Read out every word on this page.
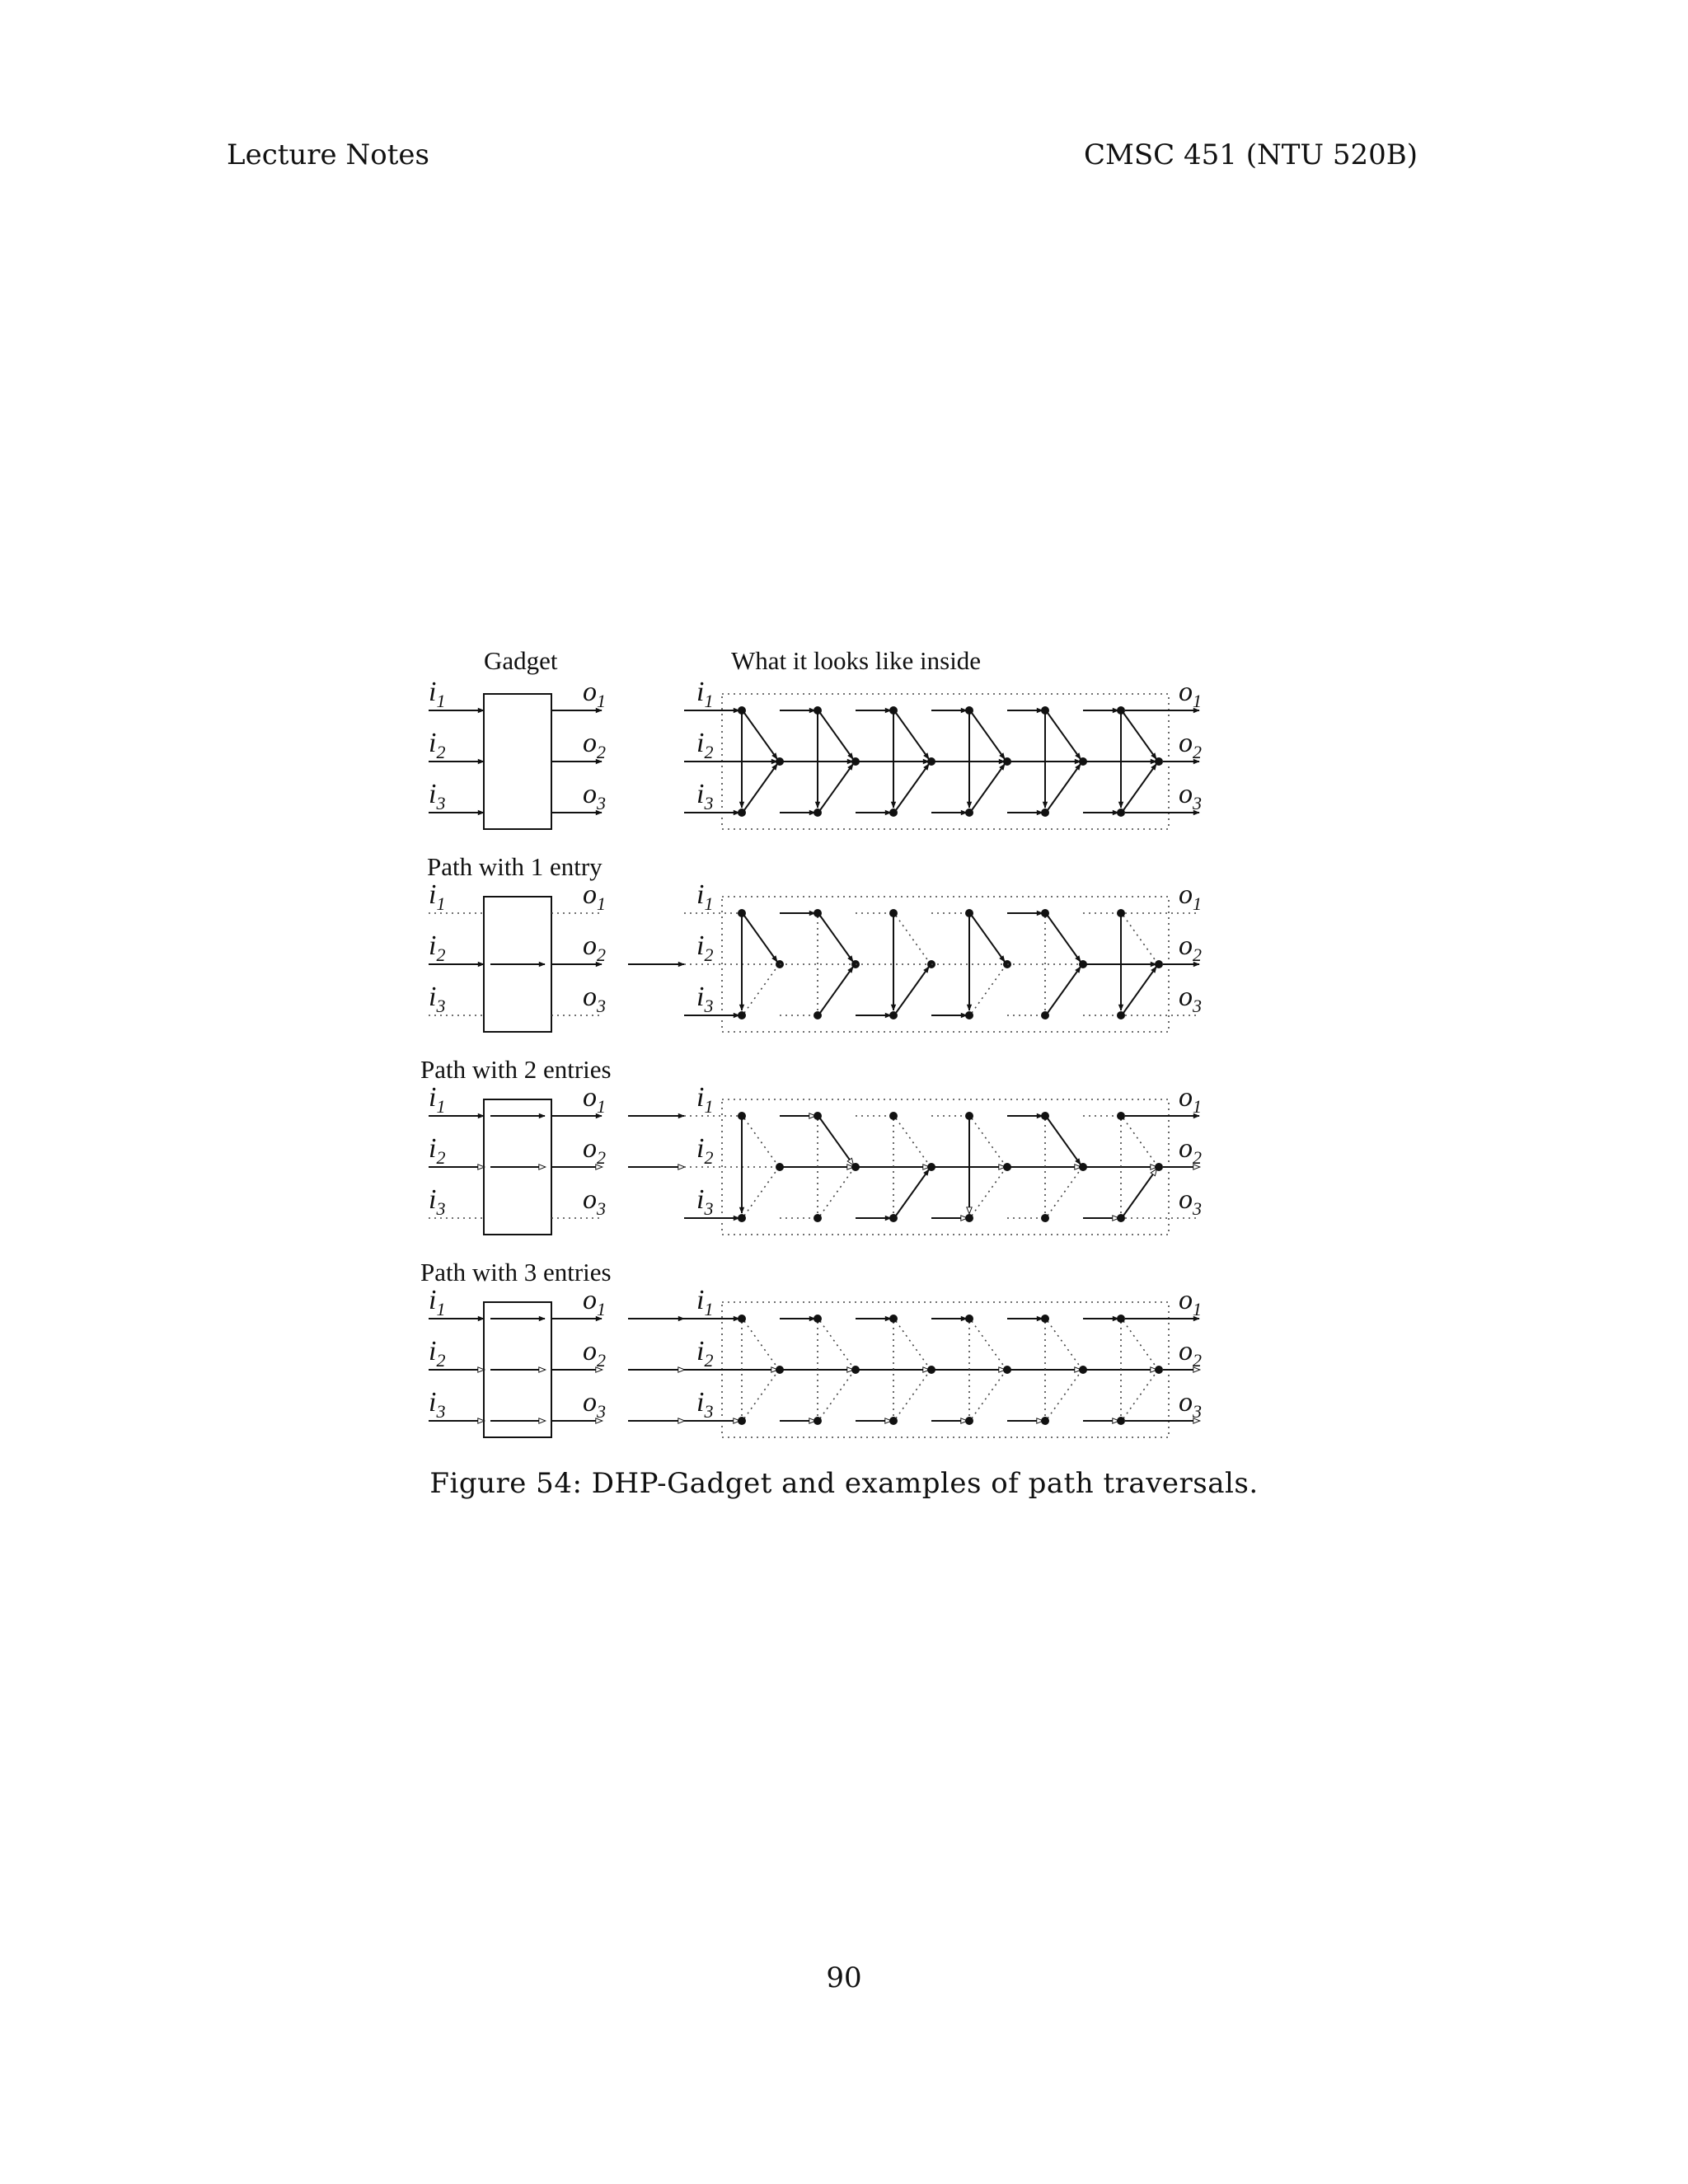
Lecture Notes	CMSC 451 (NTU 520B)
Gadget	What it looks like inside
Path with 1 entry
Path with 2 entries
Path with 3 entries
$i_1$	$o_1$
$i_2$	$o_2$
$i_3$	$o_3$
$i_1$	$o_1$
$i_2$	$o_2$
$i_3$	$o_3$
$i_1$	$o_1$
$i_2$	$o_2$
$i_3$	$o_3$
$i_1$	$o_1$
$i_2$	$o_2$
$i_3$	$o_3$
$i_1$	$o_1$
$i_2$	$o_2$
$i_3$	$o_3$
$i_1$	$o_1$
$i_2$	$o_2$
$i_3$	$o_3$
$i_1$	$o_1$
$i_2$	$o_2$
$i_3$	$o_3$
$i_1$	$o_1$
$i_2$	$o_2$
$i_3$	$o_3$
Figure 54: DHP-Gadget and examples of path traversals.
90
